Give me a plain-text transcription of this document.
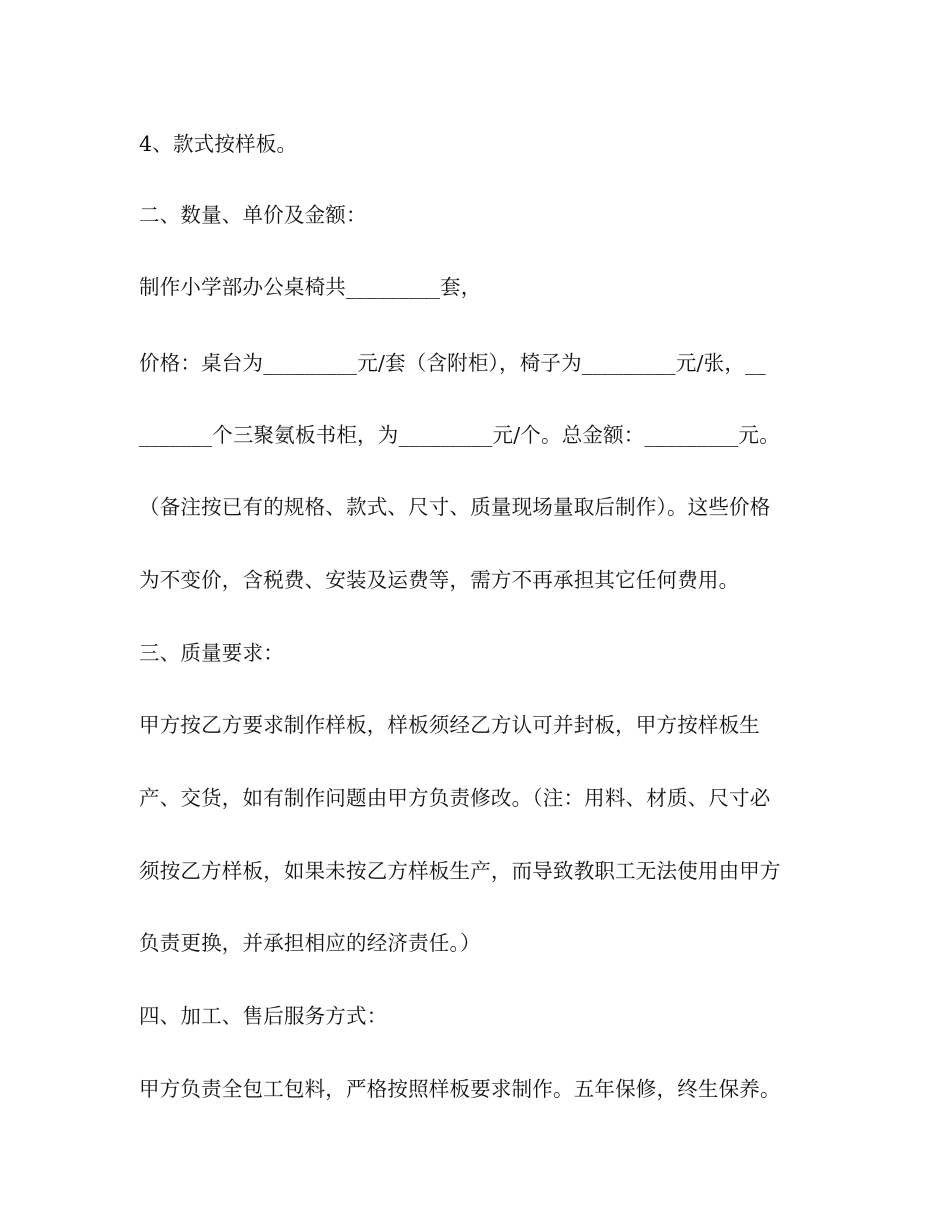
4、款式按样板。
二、数量、单价及金额：
制作小学部办公桌椅共_________套，
价格：桌台为_________元/套（含附柜），椅子为_________元/张，__
_______个三聚氨板书柜，为_________元/个。总金额：_________元。
（备注按已有的规格、款式、尺寸、质量现场量取后制作）。这些价格
为不变价，含税费、安装及运费等，需方不再承担其它任何费用。
三、质量要求：
甲方按乙方要求制作样板，样板须经乙方认可并封板，甲方按样板生
产、交货，如有制作问题由甲方负责修改。（注：用料、材质、尺寸必
须按乙方样板，如果未按乙方样板生产，而导致教职工无法使用由甲方
负责更换，并承担相应的经济责任。）
四、加工、售后服务方式：
甲方负责全包工包料，严格按照样板要求制作。五年保修，终生保养。
